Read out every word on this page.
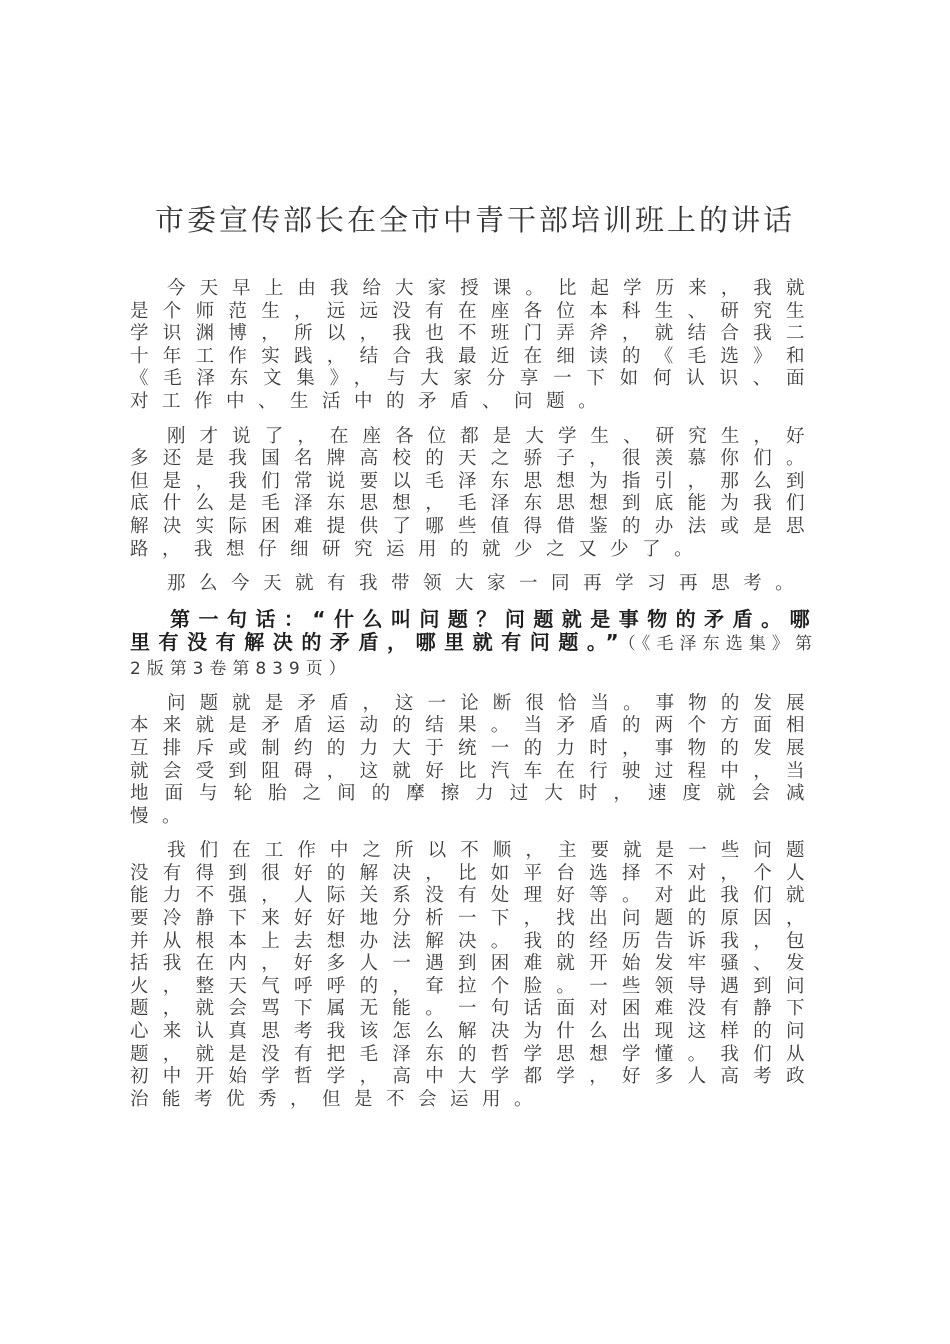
市委宣传部长在全市中青干部培训班上的讲话

今天早上由我给大家授课。比起学历来，我就是个师范生，远远没有在座各位本科生、研究生学识渊博，所以，我也不班门弄斧，就结合我二十年工作实践，结合我最近在细读的《毛选》和《毛泽东文集》，与大家分享一下如何认识、面对工作中、生活中的矛盾、问题。

刚才说了，在座各位都是大学生、研究生，好多还是我国名牌高校的天之骄子，很羡慕你们。但是，我们常说要以毛泽东思想为指引，那么到底什么是毛泽东思想，毛泽东思想到底能为我们解决实际困难提供了哪些值得借鉴的办法或是思路，我想仔细研究运用的就少之又少了。

那么今天就有我带领大家一同再学习再思考。

第一句话：“什么叫问题？问题就是事物的矛盾。哪里有没有解决的矛盾，哪里就有问题。”（《毛泽东选集》第2版第3卷第839页）

问题就是矛盾，这一论断很恰当。事物的发展本来就是矛盾运动的结果。当矛盾的两个方面相互排斥或制约的力大于统一的力时，事物的发展就会受到阻碍，这就好比汽车在行驶过程中，当地面与轮胎之间的摩擦力过大时，速度就会减慢。

我们在工作中之所以不顺，主要就是一些问题没有得到很好的解决，比如平台选择不对，个人能力不强，人际关系没有处理好等。对此我们就要冷静下来好好地分析一下，找出问题的原因，并从根本上去想办法解决。我的经历告诉我，包括我在内，好多人一遇到困难就开始发牢骚、发火，整天气呼呼的，耷拉个脸。一些领导遇到问题，就会骂下属无能。一句话面对困难没有静下心来认真思考我该怎么解决为什么出现这样的问题，就是没有把毛泽东的哲学思想学懂。我们从初中开始学哲学，高中大学都学，好多人高考政治能考优秀，但是不会运用。
